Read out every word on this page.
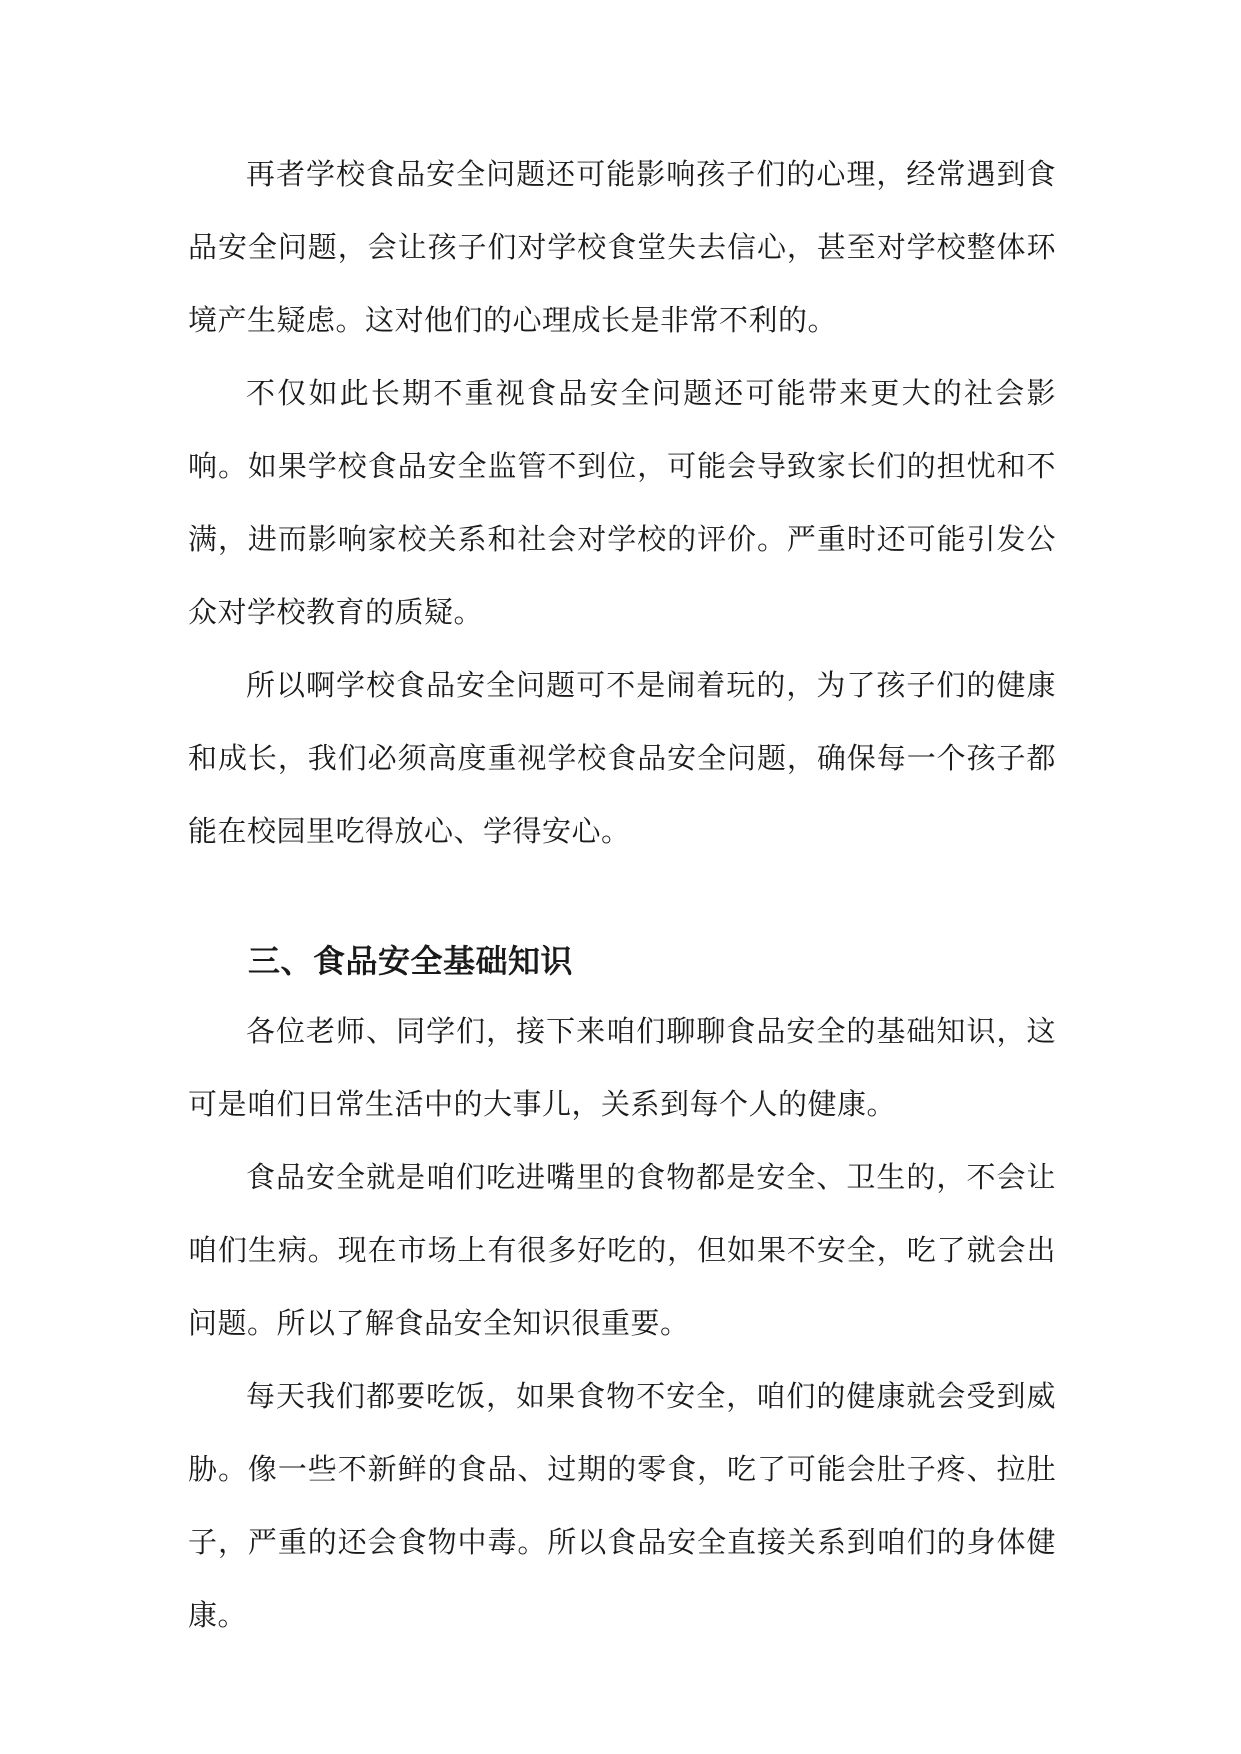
再者学校食品安全问题还可能影响孩子们的心理，经常遇到食品安全问题，会让孩子们对学校食堂失去信心，甚至对学校整体环境产生疑虑。这对他们的心理成长是非常不利的。

不仅如此长期不重视食品安全问题还可能带来更大的社会影响。如果学校食品安全监管不到位，可能会导致家长们的担忧和不满，进而影响家校关系和社会对学校的评价。严重时还可能引发公众对学校教育的质疑。

所以啊学校食品安全问题可不是闹着玩的，为了孩子们的健康和成长，我们必须高度重视学校食品安全问题，确保每一个孩子都能在校园里吃得放心、学得安心。

三、食品安全基础知识

各位老师、同学们，接下来咱们聊聊食品安全的基础知识，这可是咱们日常生活中的大事儿，关系到每个人的健康。

食品安全就是咱们吃进嘴里的食物都是安全、卫生的，不会让咱们生病。现在市场上有很多好吃的，但如果不安全，吃了就会出问题。所以了解食品安全知识很重要。

每天我们都要吃饭，如果食物不安全，咱们的健康就会受到威胁。像一些不新鲜的食品、过期的零食，吃了可能会肚子疼、拉肚子，严重的还会食物中毒。所以食品安全直接关系到咱们的身体健康。
